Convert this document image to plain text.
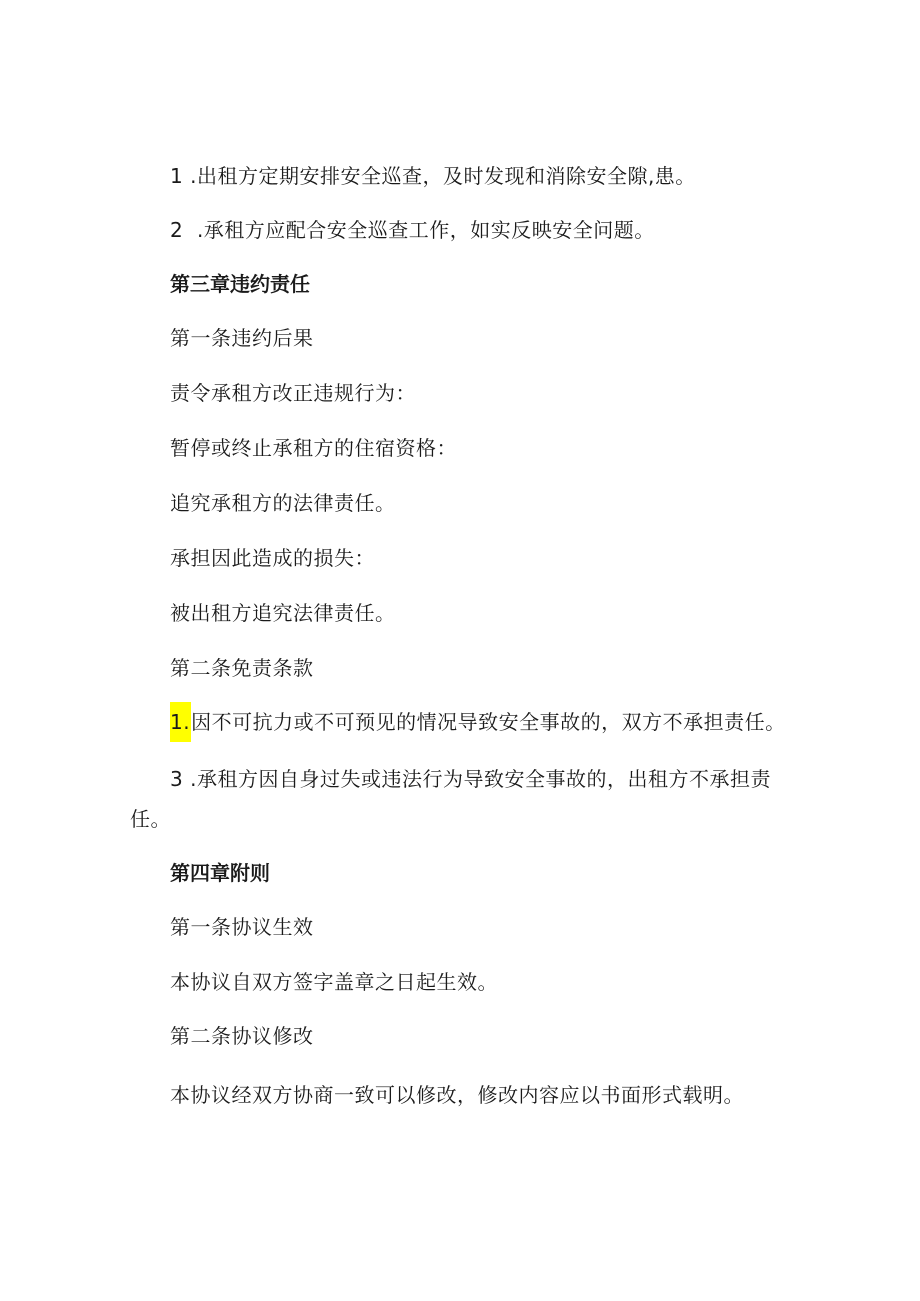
1 .出租方定期安排安全巡查，及时发现和消除安全隙,患。
2 .承租方应配合安全巡查工作，如实反映安全问题。
第三章违约责任
第一条违约后果
责令承租方改正违规行为：
暂停或终止承租方的住宿资格：
追究承租方的法律责任。
承担因此造成的损失：
被出租方追究法律责任。
第二条免责条款
1.因不可抗力或不可预见的情况导致安全事故的，双方不承担责任。
3 .承租方因自身过失或违法行为导致安全事故的，出租方不承担责
任。
第四章附则
第一条协议生效
本协议自双方签字盖章之日起生效。
第二条协议修改
本协议经双方协商一致可以修改，修改内容应以书面形式载明。
